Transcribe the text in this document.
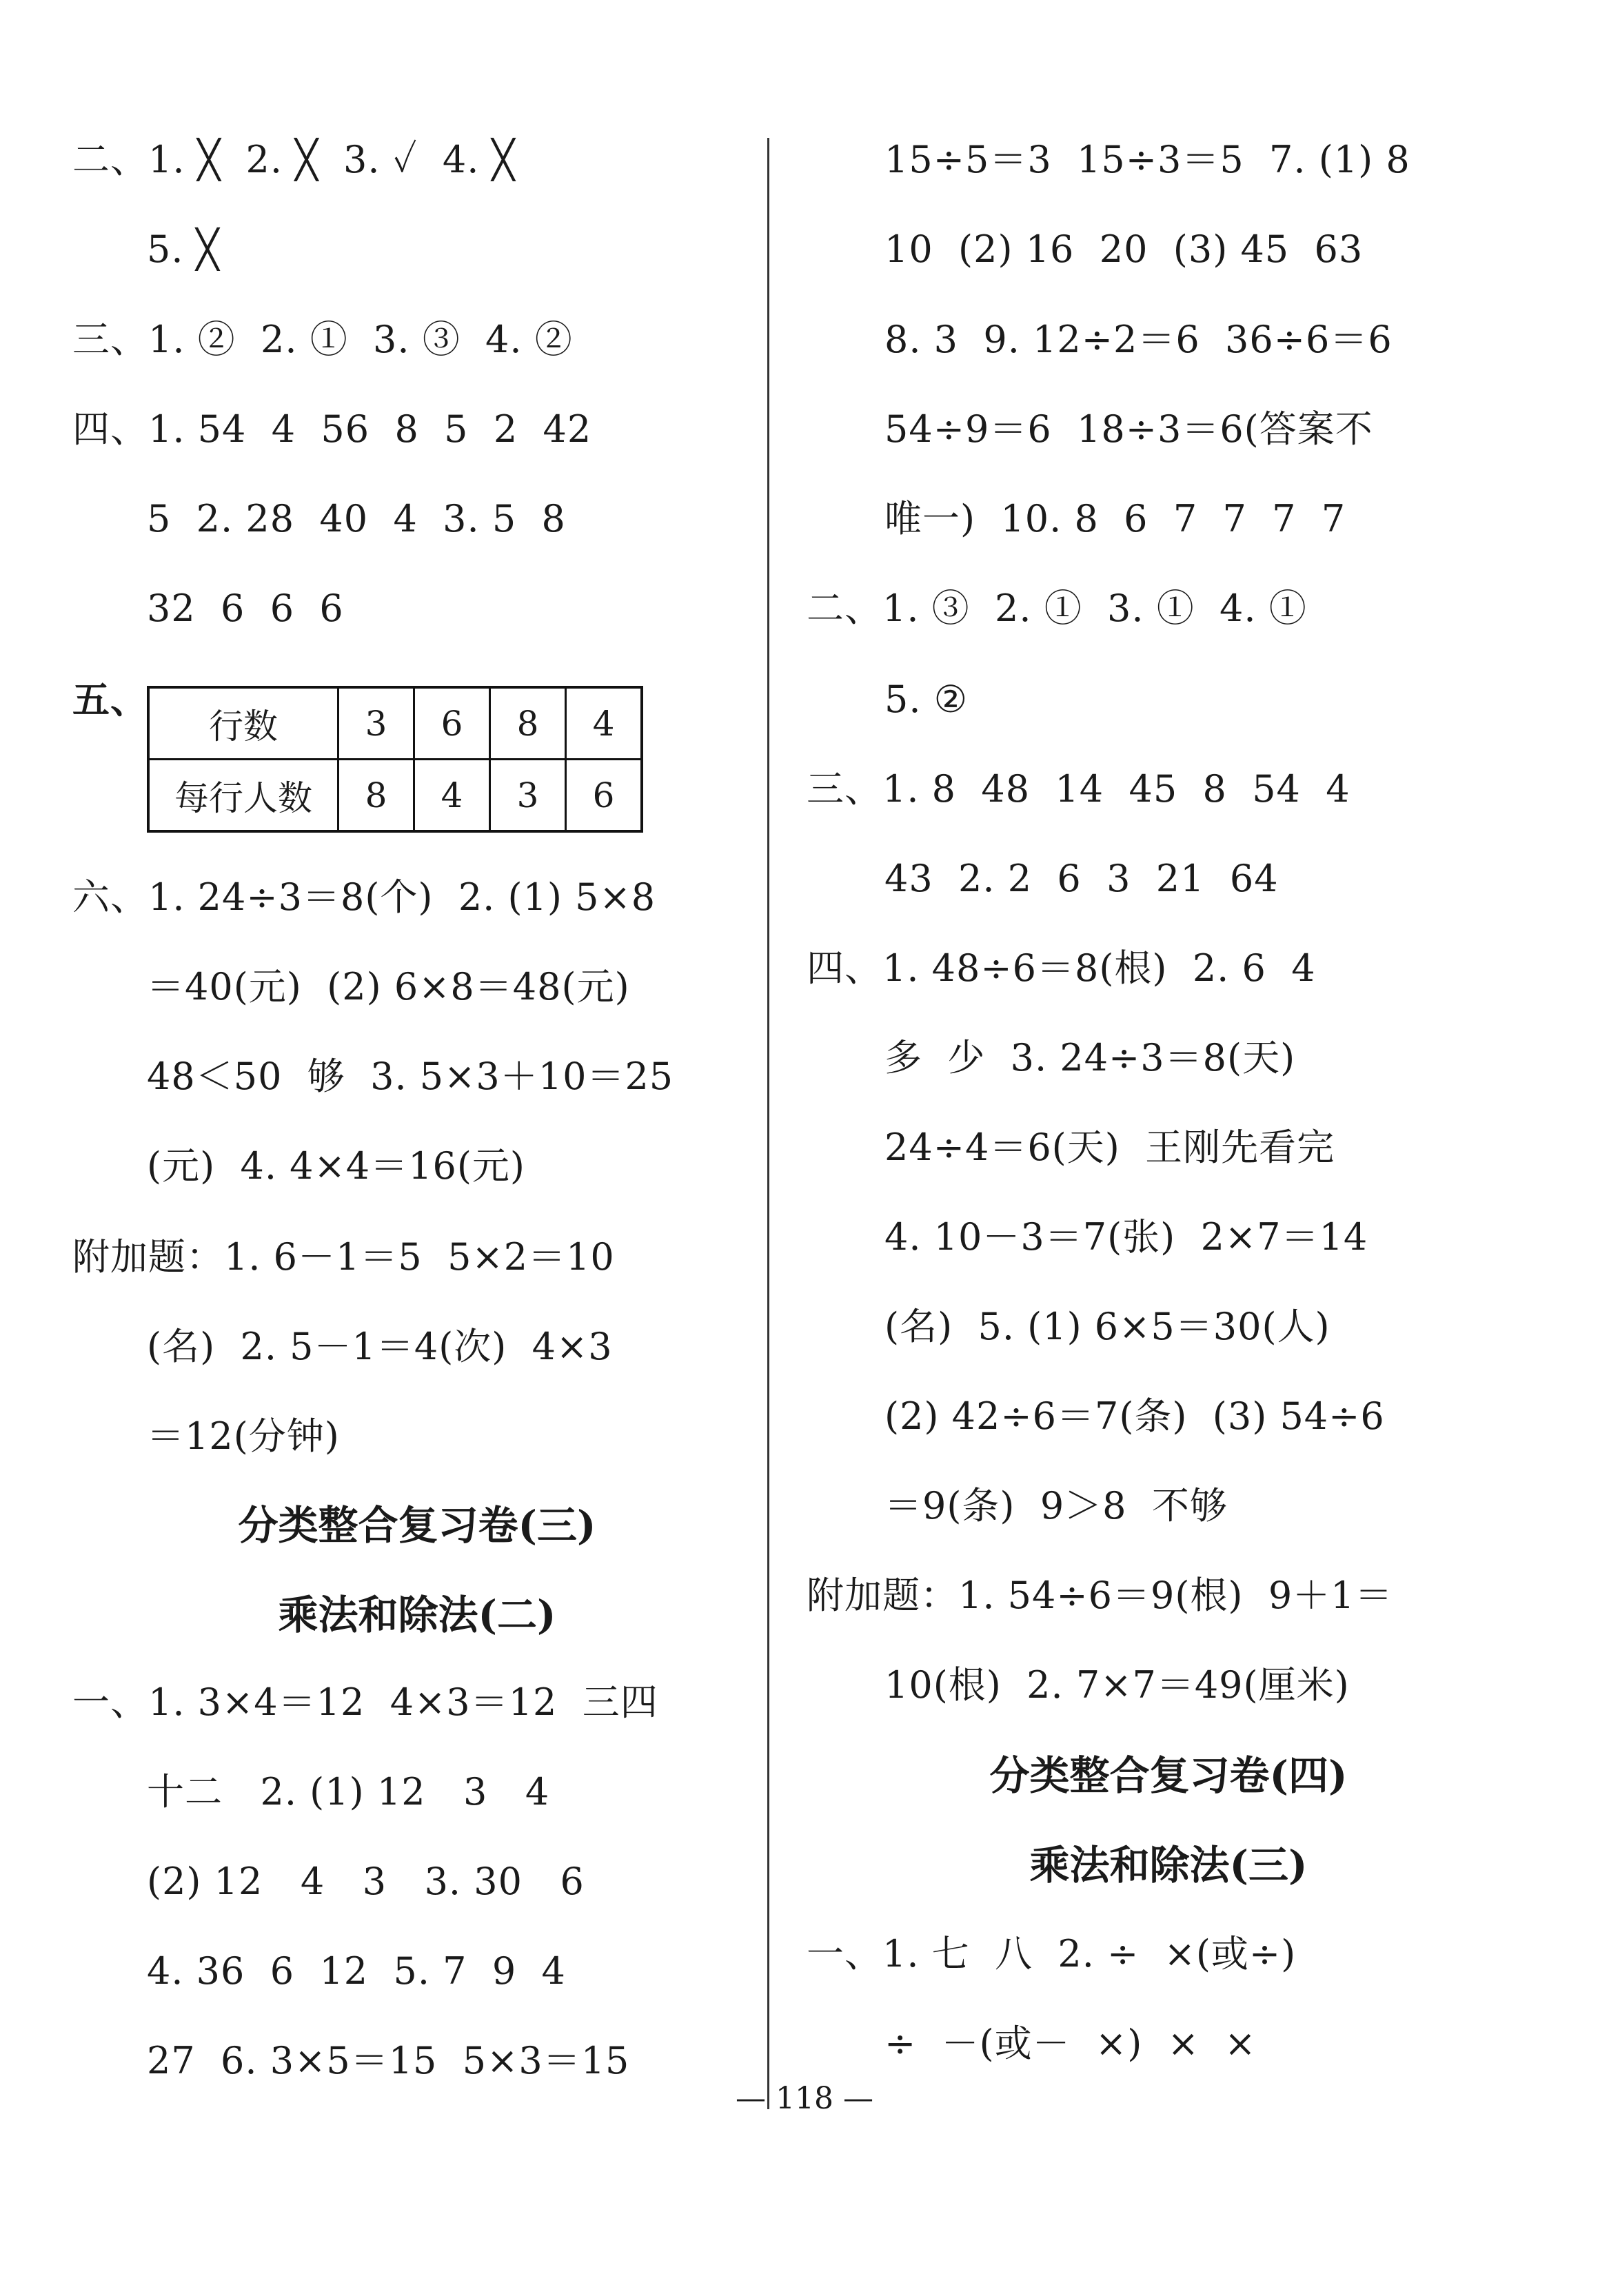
二、1. ╳  2. ╳  3. ✓  4. ╳
5. ╳
三、1. ②  2. ①  3. ③  4. ②
四、1. 54  4  56  8  5  2  42
5  2. 28  40  4  3. 5  8
32  6  6  6
五、
行数	3	6	8	4
每行人数	8	4	3	6
六、1. 24÷3＝8(个)  2. (1) 5×8
＝40(元)  (2) 6×8＝48(元)
48＜50  够  3. 5×3＋10＝25
(元)  4. 4×4＝16(元)
附加题：1. 6－1＝5  5×2＝10
(名)  2. 5－1＝4(次)  4×3
＝12(分钟)
分类整合复习卷(三)
乘法和除法(二)
一、1. 3×4＝12  4×3＝12  三四
十二   2. (1) 12   3   4
(2) 12   4   3   3. 30   6
4. 36  6  12  5. 7  9  4
27  6. 3×5＝15  5×3＝15
15÷5＝3  15÷3＝5  7. (1) 8
10  (2) 16  20  (3) 45  63
8. 3  9. 12÷2＝6  36÷6＝6
54÷9＝6  18÷3＝6(答案不
唯一)  10. 8  6  7  7  7  7
二、1. ③  2. ①  3. ①  4. ①
5. ②
三、1. 8  48  14  45  8  54  4
43  2. 2  6  3  21  64
四、1. 48÷6＝8(根)  2. 6  4
多  少  3. 24÷3＝8(天)
24÷4＝6(天)  王刚先看完
4. 10－3＝7(张)  2×7＝14
(名)  5. (1) 6×5＝30(人)
(2) 42÷6＝7(条)  (3) 54÷6
＝9(条)  9＞8  不够
附加题：1. 54÷6＝9(根)  9＋1＝
10(根)  2. 7×7＝49(厘米)
分类整合复习卷(四)
乘法和除法(三)
一、1. 七  八  2. ÷  ×(或÷)
÷  －(或－  ×)  ×  ×
— 118 —
